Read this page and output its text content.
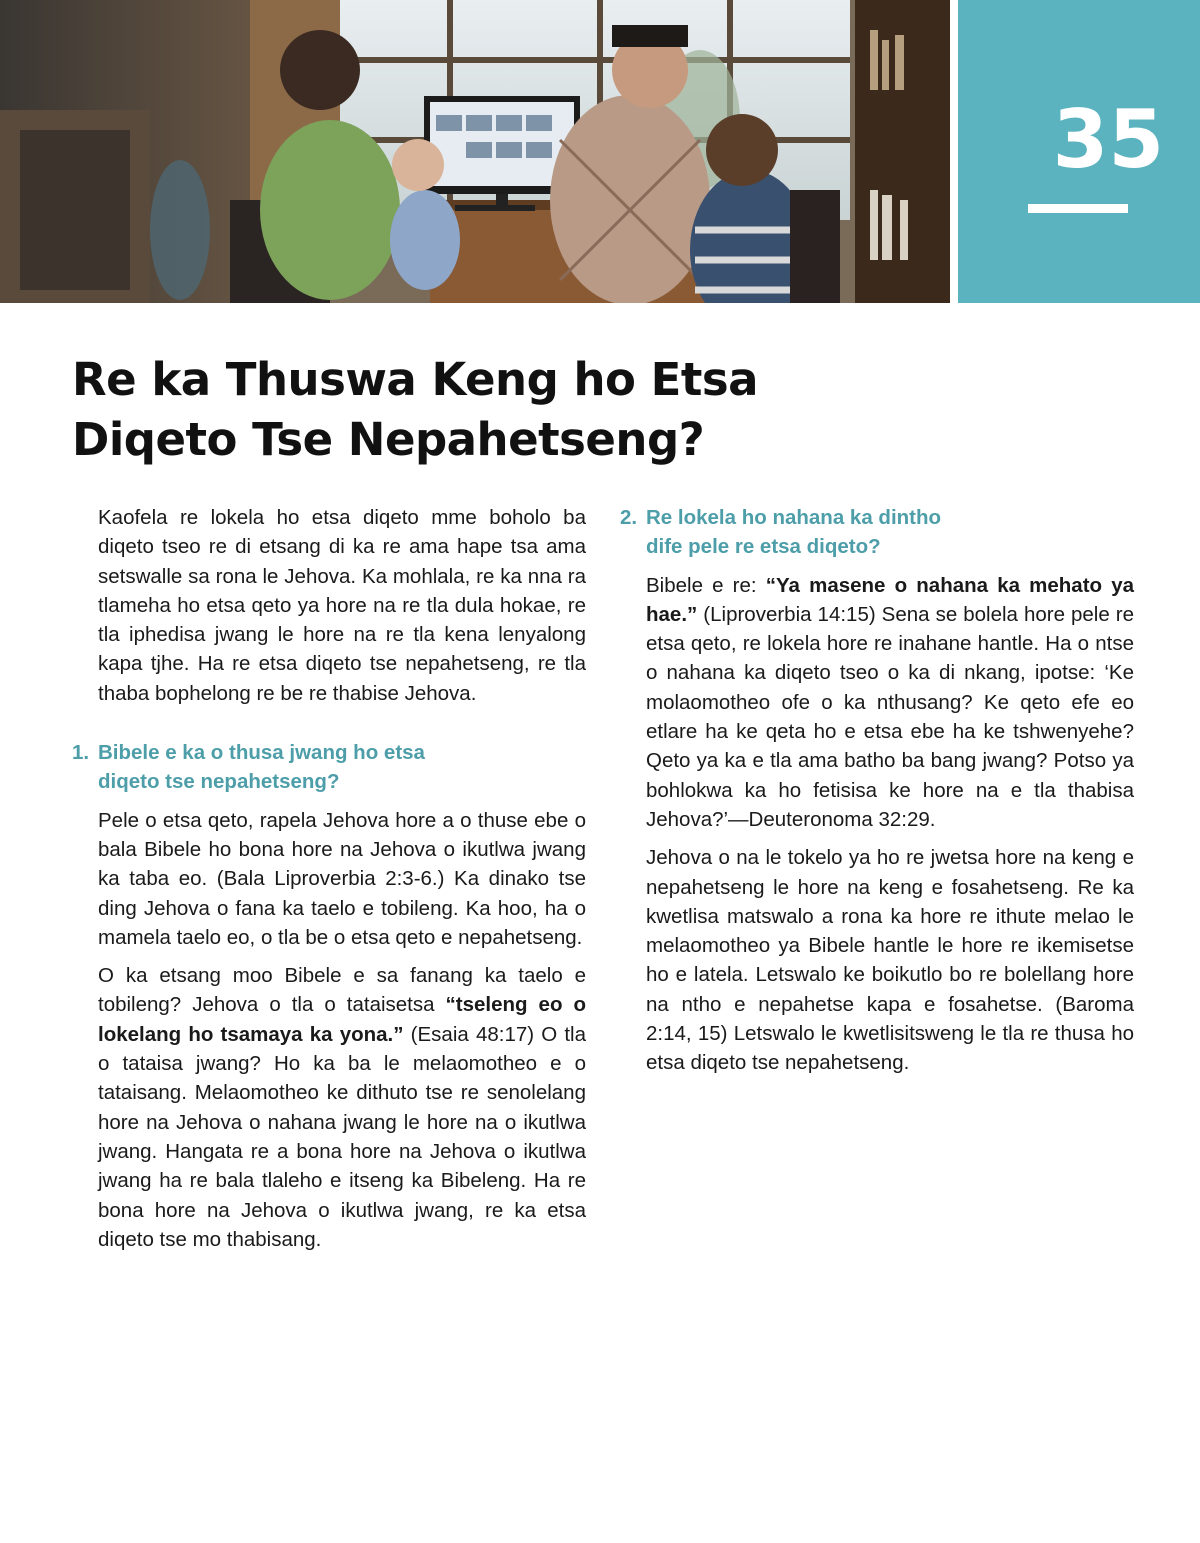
35
Re ka Thuswa Keng ho Etsa
Diqeto Tse Nepahetseng?

Kaofela re lokela ho etsa diqeto mme boholo ba diqeto tseo re di etsang di ka re ama hape tsa ama setswalle sa rona le Jehova. Ka mohlala, re ka nna ra tlameha ho etsa qeto ya hore na re tla dula hokae, re tla iphedisa jwang le hore na re tla kena lenyalong kapa tjhe. Ha re etsa diqeto tse nepahetseng, re tla thaba bophelong re be re thabise Jehova.

1. Bibele e ka o thusa jwang ho etsa
diqeto tse nepahetseng?

Pele o etsa qeto, rapela Jehova hore a o thuse ebe o bala Bibele ho bona hore na Jehova o ikutlwa jwang ka taba eo. (Bala Liproverbia 2:3-6.) Ka dinako tse ding Jehova o fana ka taelo e tobileng. Ka hoo, ha o mamela taelo eo, o tla be o etsa qeto e nepahetseng.

O ka etsang moo Bibele e sa fanang ka taelo e tobileng? Jehova o tla o tataisetsa “tseleng eo o lokelang ho tsamaya ka yona.” (Esaia 48:17) O tla o tataisa jwang? Ho ka ba le melaomotheo e o tataisang. Melaomotheo ke dithuto tse re senolelang hore na Jehova o nahana jwang le hore na o ikutlwa jwang. Hangata re a bona hore na Jehova o ikutlwa jwang ha re bala tlaleho e itseng ka Bibeleng. Ha re bona hore na Jehova o ikutlwa jwang, re ka etsa diqeto tse mo thabisang.

2. Re lokela ho nahana ka dintho
dife pele re etsa diqeto?

Bibele e re: “Ya masene o nahana ka mehato ya hae.” (Liproverbia 14:15) Sena se bolela hore pele re etsa qeto, re lokela hore re inahane hantle. Ha o ntse o nahana ka diqeto tseo o ka di nkang, ipotse: ‘Ke molaomotheo ofe o ka nthusang? Ke qeto efe eo etlare ha ke qeta ho e etsa ebe ha ke tshwenyehe? Qeto ya ka e tla ama batho ba bang jwang? Potso ya bohlokwa ka ho fetisisa ke hore na e tla thabisa Jehova?’—Deuteronoma 32:29.

Jehova o na le tokelo ya ho re jwetsa hore na keng e nepahetseng le hore na keng e fosahetseng. Re ka kwetlisa matswalo a rona ka hore re ithute melao le melaomotheo ya Bibele hantle le hore re ikemisetse ho e latela. Letswalo ke boikutlo bo re bolellang hore na ntho e nepahetse kapa e fosahetse. (Baroma 2:14, 15) Letswalo le kwetlisitsweng le tla re thusa ho etsa diqeto tse nepahetseng.
